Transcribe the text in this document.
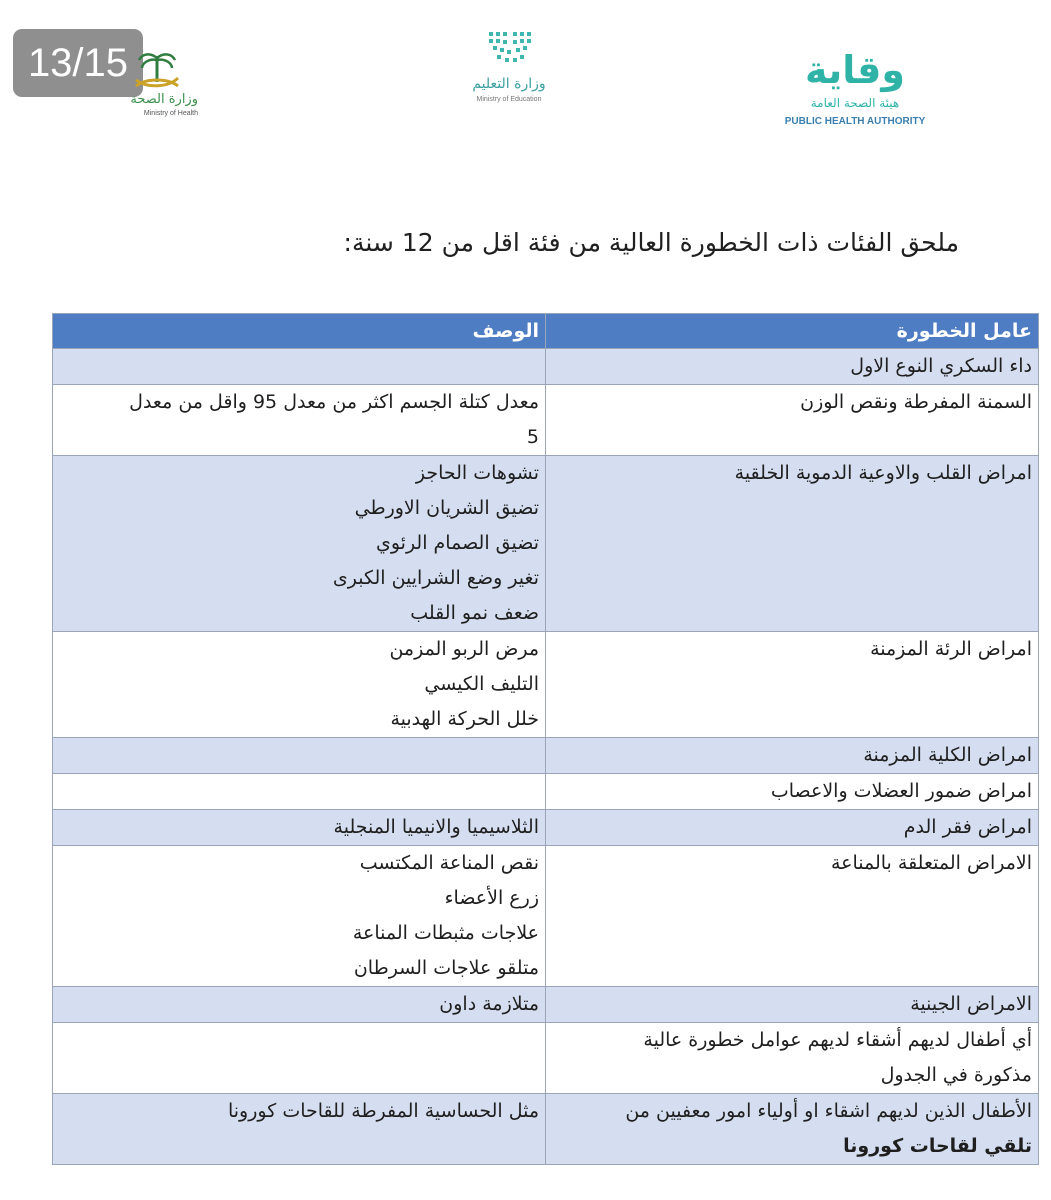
13/15
وزارة الصحة
Ministry of Health
وزارة التعليم
Ministry of Education
وقاية
هيئة الصحة العامة
PUBLIC HEALTH AUTHORITY
ملحق الفئات ذات الخطورة العالية من فئة اقل من 12 سنة:
عامل الخطورة	الوصف

داء السكري النوع الاول	

السمنة المفرطة ونقص الوزن	معدل كتلة الجسم اكثر من معدل 95 واقل من معدل
5

امراض القلب والاوعية الدموية الخلقية	تشوهات الحاجز
تضيق الشريان الاورطي
تضيق الصمام الرئوي
تغير وضع الشرايين الكبرى
ضعف نمو القلب

امراض الرئة المزمنة	مرض الربو المزمن
التليف الكيسي
خلل الحركة الهدبية

امراض الكلية المزمنة	

امراض ضمور العضلات والاعصاب	

امراض فقر الدم	الثلاسيميا والانيميا المنجلية

الامراض المتعلقة بالمناعة	نقص المناعة المكتسب
زرع الأعضاء
علاجات مثبطات المناعة
متلقو علاجات السرطان

الامراض الجينية	متلازمة داون

أي أطفال لديهم أشقاء لديهم عوامل خطورة عالية
مذكورة في الجدول	

الأطفال الذين لديهم اشقاء او أولياء امور معفيين من
تلقي لقاحات كورونا	مثل الحساسية المفرطة للقاحات كورونا
